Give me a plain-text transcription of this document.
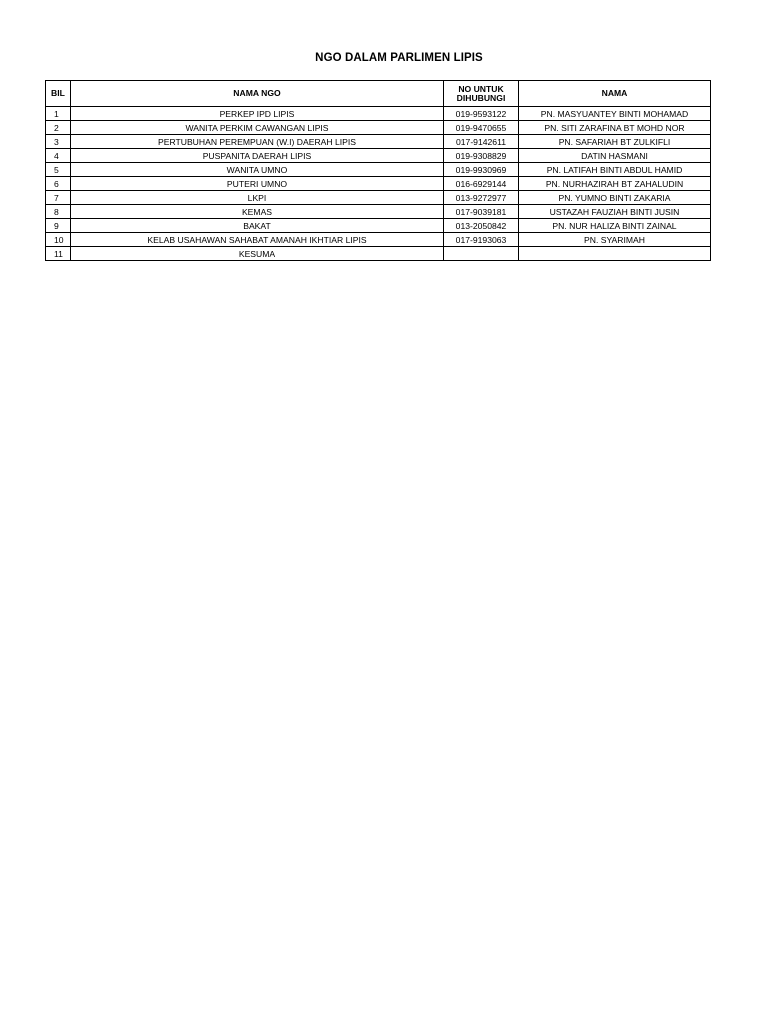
NGO DALAM PARLIMEN LIPIS
BIL	NAMA NGO	NO UNTUK DIHUBUNGI	NAMA
1	PERKEP IPD LIPIS	019-9593122	PN. MASYUANTEY BINTI MOHAMAD
2	WANITA PERKIM CAWANGAN LIPIS	019-9470655	PN. SITI ZARAFINA BT MOHD NOR
3	PERTUBUHAN PEREMPUAN (W.I) DAERAH LIPIS	017-9142611	PN. SAFARIAH BT ZULKIFLI
4	PUSPANITA DAERAH LIPIS	019-9308829	DATIN HASMANI
5	WANITA UMNO	019-9930969	PN. LATIFAH BINTI ABDUL HAMID
6	PUTERI UMNO	016-6929144	PN. NURHAZIRAH BT ZAHALUDIN
7	LKPI	013-9272977	PN. YUMNO BINTI ZAKARIA
8	KEMAS	017-9039181	USTAZAH FAUZIAH BINTI JUSIN
9	BAKAT	013-2050842	PN. NUR HALIZA BINTI ZAINAL
10	KELAB USAHAWAN SAHABAT AMANAH IKHTIAR LIPIS	017-9193063	PN. SYARIMAH
11	KESUMA		
